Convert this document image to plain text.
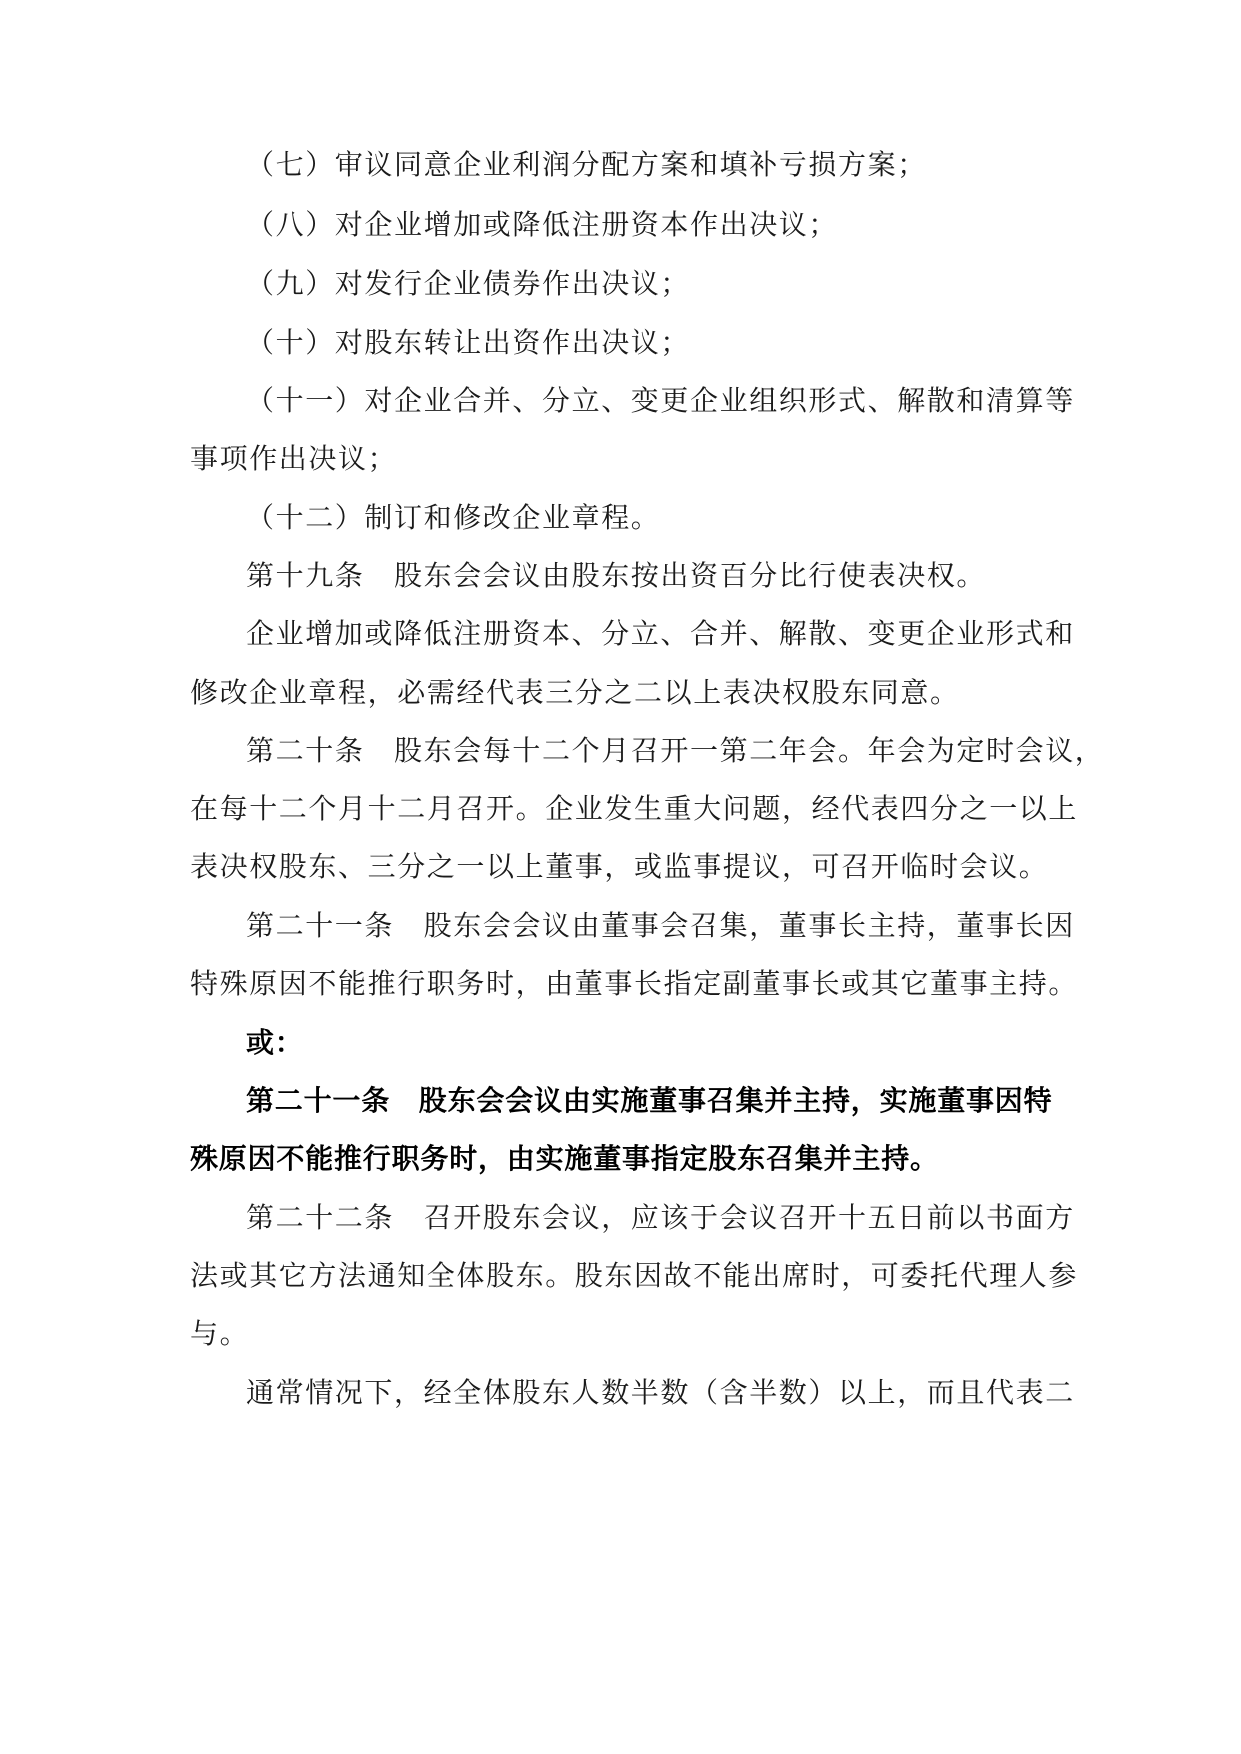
（七）审议同意企业利润分配方案和填补亏损方案；
（八）对企业增加或降低注册资本作出决议；
（九）对发行企业债券作出决议；
（十）对股东转让出资作出决议；
（十一）对企业合并、分立、变更企业组织形式、解散和清算等
事项作出决议；
（十二）制订和修改企业章程。
第十九条　股东会会议由股东按出资百分比行使表决权。
企业增加或降低注册资本、分立、合并、解散、变更企业形式和
修改企业章程，必需经代表三分之二以上表决权股东同意。
第二十条　股东会每十二个月召开一第二年会。年会为定时会议，
在每十二个月十二月召开。企业发生重大问题，经代表四分之一以上
表决权股东、三分之一以上董事，或监事提议，可召开临时会议。
第二十一条　股东会会议由董事会召集，董事长主持，董事长因
特殊原因不能推行职务时，由董事长指定副董事长或其它董事主持。
或：
第二十一条　股东会会议由实施董事召集并主持，实施董事因特
殊原因不能推行职务时，由实施董事指定股东召集并主持。
第二十二条　召开股东会议，应该于会议召开十五日前以书面方
法或其它方法通知全体股东。股东因故不能出席时，可委托代理人参
与。
通常情况下，经全体股东人数半数（含半数）以上，而且代表二
